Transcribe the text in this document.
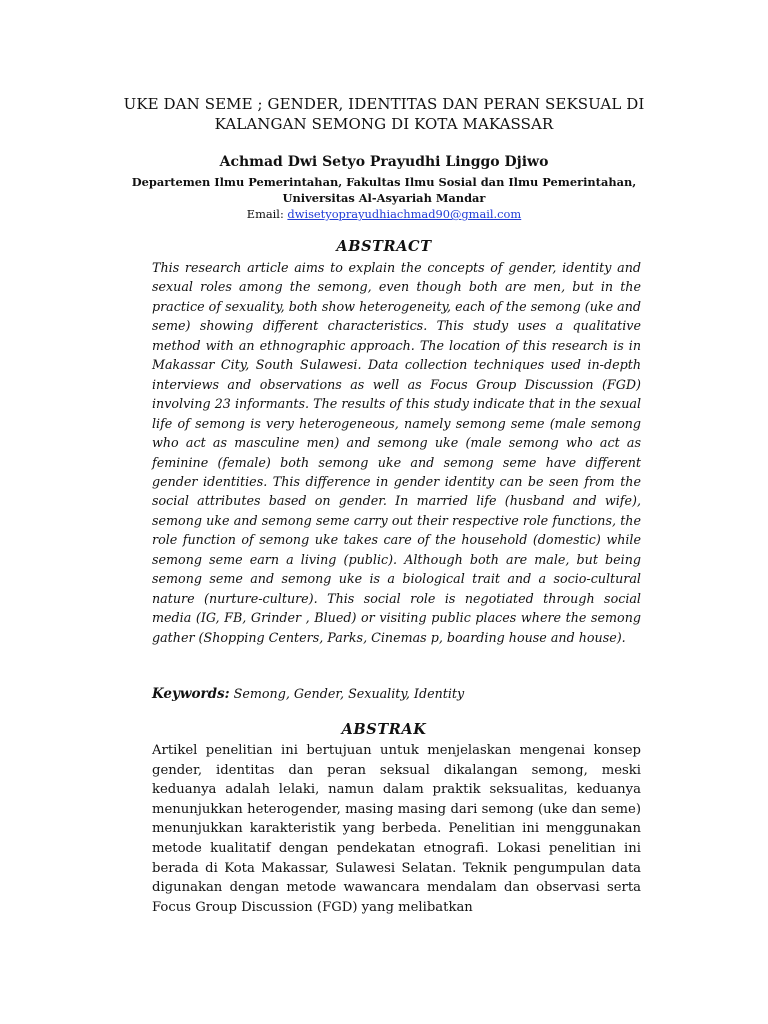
UKE DAN SEME ; GENDER, IDENTITAS DAN PERAN SEKSUAL DI
KALANGAN SEMONG DI KOTA MAKASSAR
Achmad Dwi Setyo Prayudhi Linggo Djiwo
Departemen Ilmu Pemerintahan, Fakultas Ilmu Sosial dan Ilmu Pemerintahan, Universitas Al-Asyariah Mandar
Email: dwisetyoprayudhiachmad90@gmail.com
ABSTRACT

This research article aims to explain the concepts of gender, identity and sexual roles among the semong, even though both are men, but in the practice of sexuality, both show heterogeneity, each of the semong (uke and seme) showing different characteristics. This study uses a qualitative method with an ethnographic approach. The location of this research is in Makassar City, South Sulawesi. Data collection techniques used in-depth interviews and observations as well as Focus Group Discussion (FGD) involving 23 informants. The results of this study indicate that in the sexual life of semong is very heterogeneous, namely semong seme (male semong who act as masculine men) and semong uke (male semong who act as feminine (female) both semong uke and semong seme have different gender identities. This difference in gender identity can be seen from the social attributes based on gender. In married life (husband and wife), semong uke and semong seme carry out their respective role functions, the role function of semong uke takes care of the household (domestic) while semong seme earn a living (public). Although both are male, but being semong seme and semong uke is a biological trait and a socio-cultural nature (nurture-culture). This social role is negotiated through social media (IG, FB, Grinder , Blued) or visiting public places where the semong gather (Shopping Centers, Parks, Cinemas p, boarding house and house).

Keywords: Semong, Gender, Sexuality, Identity
ABSTRAK

Artikel penelitian ini bertujuan untuk menjelaskan mengenai konsep gender, identitas dan peran seksual dikalangan semong, meski keduanya adalah lelaki, namun dalam praktik seksualitas, keduanya menunjukkan heterogender, masing masing dari semong (uke dan seme) menunjukkan karakteristik yang berbeda. Penelitian ini menggunakan metode kualitatif dengan pendekatan etnografi. Lokasi penelitian ini berada di Kota Makassar, Sulawesi Selatan. Teknik pengumpulan data digunakan dengan metode wawancara mendalam dan observasi serta Focus Group Discussion (FGD) yang melibatkan
